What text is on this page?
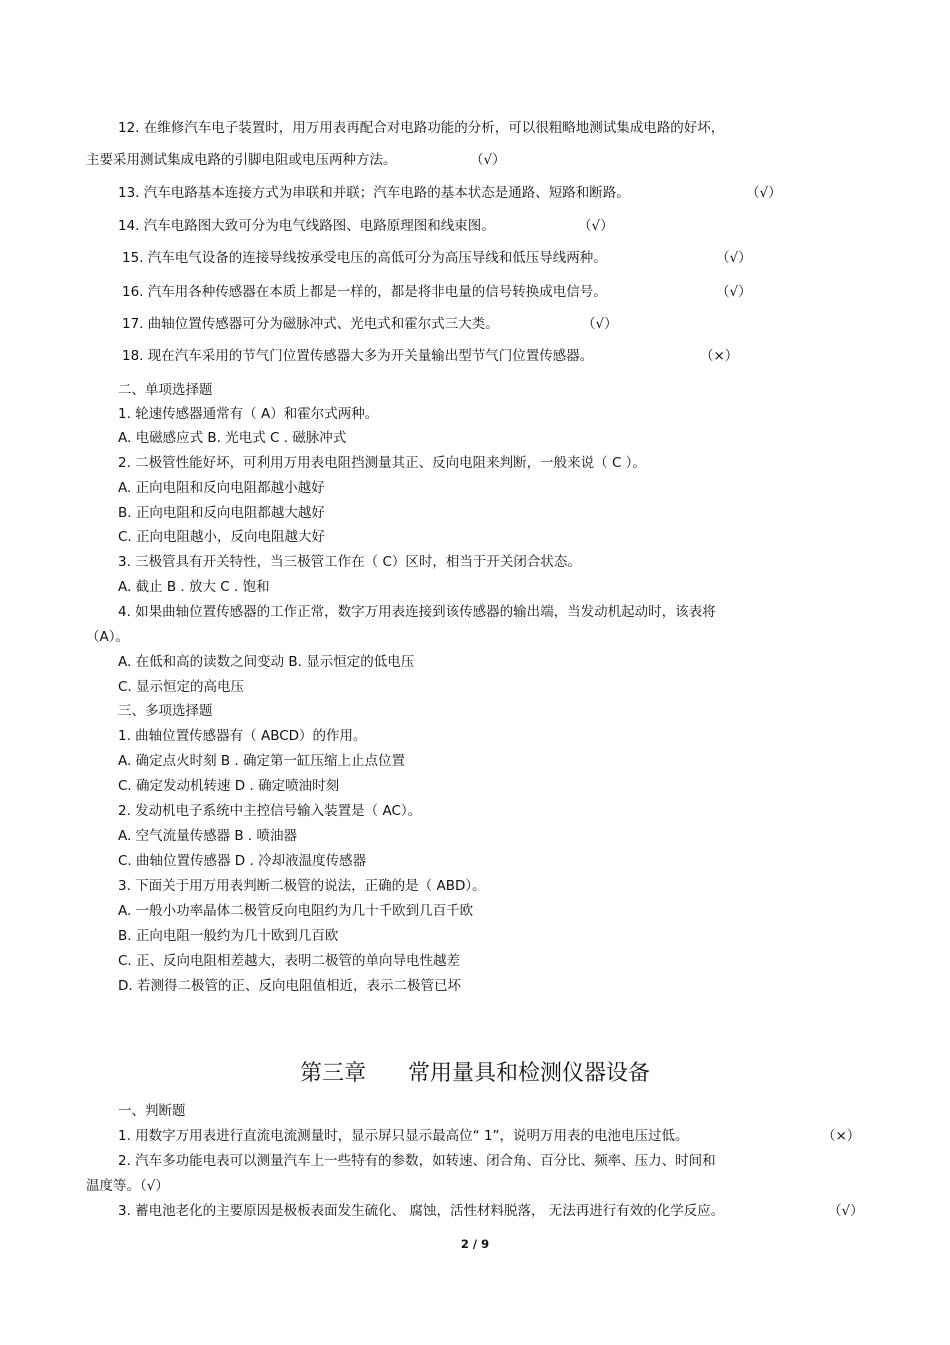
12. 在维修汽车电子装置时，用万用表再配合对电路功能的分析，可以很粗略地测试集成电路的好坏，
主要采用测试集成电路的引脚电阻或电压两种方法。	（√）
13. 汽车电路基本连接方式为串联和并联；汽车电路的基本状态是通路、短路和断路。	（√）
14. 汽车电路图大致可分为电气线路图、电路原理图和线束图。	（√）
15. 汽车电气设备的连接导线按承受电压的高低可分为高压导线和低压导线两种。	（√）
16. 汽车用各种传感器在本质上都是一样的，都是将非电量的信号转换成电信号。	（√）
17. 曲轴位置传感器可分为磁脉冲式、光电式和霍尔式三大类。	（√）
18. 现在汽车采用的节气门位置传感器大多为开关量输出型节气门位置传感器。	（×）
二、单项选择题
1. 轮速传感器通常有（ A）和霍尔式两种。
A. 电磁感应式 B. 光电式 C . 磁脉冲式
2. 二极管性能好坏，可利用万用表电阻挡测量其正、反向电阻来判断，一般来说（ C ）。
A. 正向电阻和反向电阻都越小越好
B. 正向电阻和反向电阻都越大越好
C. 正向电阻越小，反向电阻越大好
3. 三极管具有开关特性，当三极管工作在（ C）区时，相当于开关闭合状态。
A. 截止 B . 放大 C . 饱和
4. 如果曲轴位置传感器的工作正常，数字万用表连接到该传感器的输出端，当发动机起动时，该表将
（A）。
A. 在低和高的读数之间变动 B. 显示恒定的低电压
C. 显示恒定的高电压
三、多项选择题
1. 曲轴位置传感器有（ ABCD）的作用。
A. 确定点火时刻 B . 确定第一缸压缩上止点位置
C. 确定发动机转速 D . 确定喷油时刻
2. 发动机电子系统中主控信号输入装置是（ AC）。
A. 空气流量传感器 B . 喷油器
C. 曲轴位置传感器 D . 冷却液温度传感器
3. 下面关于用万用表判断二极管的说法，正确的是（ ABD）。
A. 一般小功率晶体二极管反向电阻约为几十千欧到几百千欧
B. 正向电阻一般约为几十欧到几百欧
C. 正、反向电阻相差越大，表明二极管的单向导电性越差
D. 若测得二极管的正、反向电阻值相近，表示二极管已坏
第三章      常用量具和检测仪器设备
一、判断题
1. 用数字万用表进行直流电流测量时，显示屏只显示最高位“ 1”，说明万用表的电池电压过低。	（×）
2. 汽车多功能电表可以测量汽车上一些特有的参数，如转速、闭合角、百分比、频率、压力、时间和
温度等。（√）
3. 蓄电池老化的主要原因是极板表面发生硫化、 腐蚀，活性材料脱落， 无法再进行有效的化学反应。	（√）
2 / 9
